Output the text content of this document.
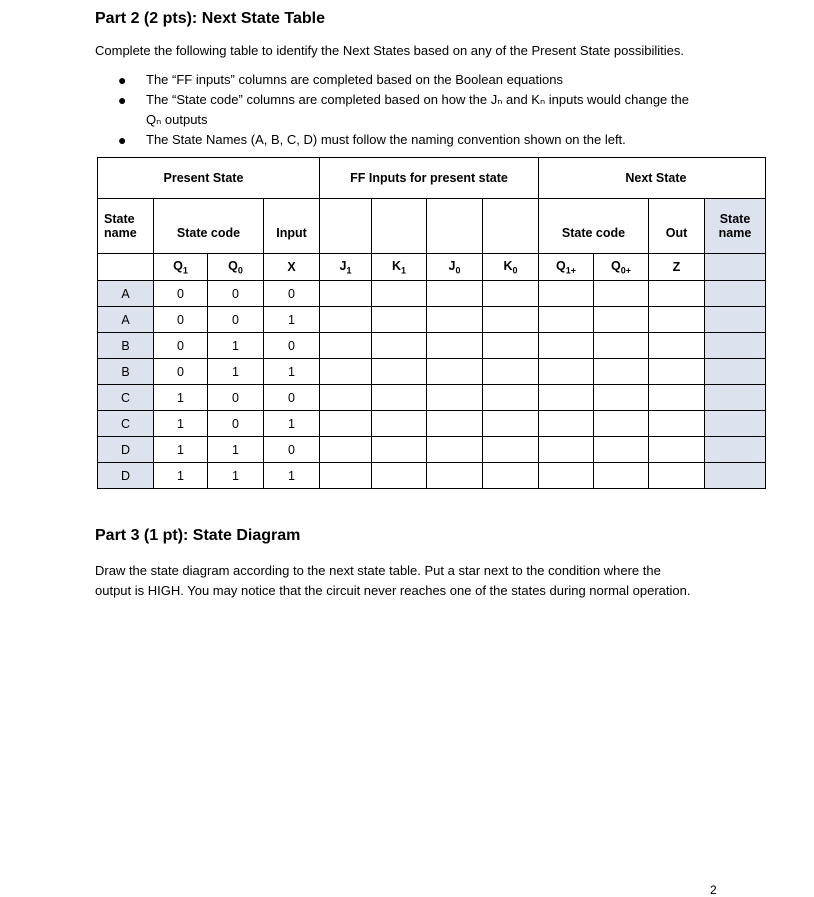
Part 2 (2 pts): Next State Table
Complete the following table to identify the Next States based on any of the Present State possibilities.
● The “FF inputs” columns are completed based on the Boolean equations
● The “State code” columns are completed based on how the Jₙ and Kₙ inputs would change the
Qₙ outputs
● The State Names (A, B, C, D) must follow the naming convention shown on the left.
	Present State			FF Inputs for present state				Next State			
State name	State code		Input					State code		Out	State name
	$Q_1$	$Q_0$	X	$J_1$	$K_1$	$J_0$	$K_0$	$Q_{1+}$	$Q_{0+}$	Z	
A	0	0	0								
A	0	0	1								
B	0	1	0								
B	0	1	1								
C	1	0	0								
C	1	0	1								
D	1	1	0								
D	1	1	1								
Part 3 (1 pt): State Diagram
Draw the state diagram according to the next state table. Put a star next to the condition where the
output is HIGH. You may notice that the circuit never reaches one of the states during normal operation.
2
